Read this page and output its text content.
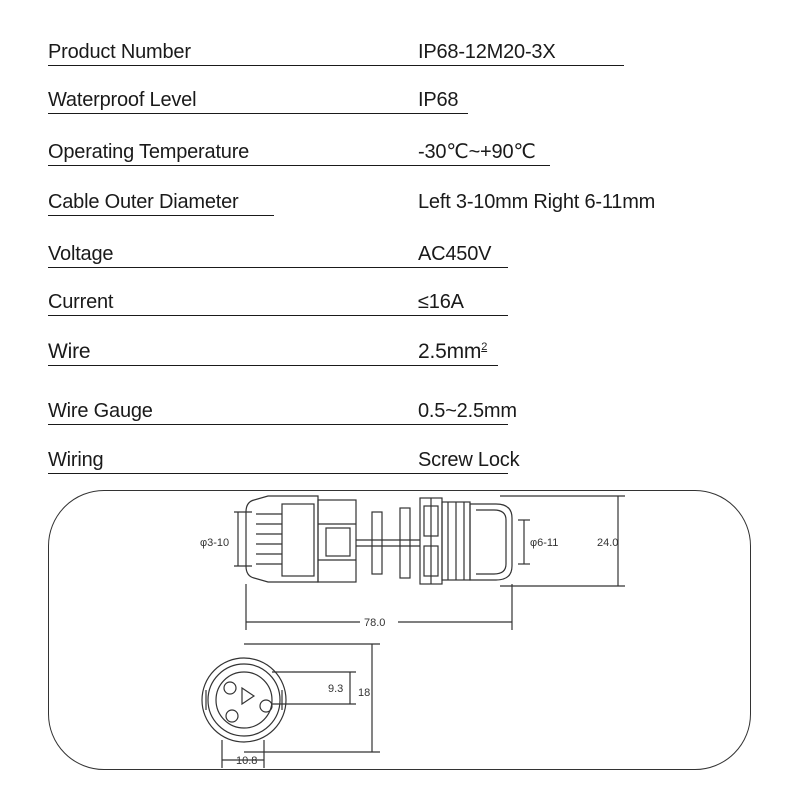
Product Number	IP68-12M20-3X
Waterproof Level	IP68
Operating Temperature	-30℃~+90℃
Cable Outer Diameter	Left 3-10mm Right 6-11mm
Voltage	AC450V
Current	≤16A
Wire	$2.5mm^2$
Wire Gauge	0.5~2.5mm
Wiring	Screw Lock
φ3-10	φ6-11	24.0
78.0
9.3 18
10.8
